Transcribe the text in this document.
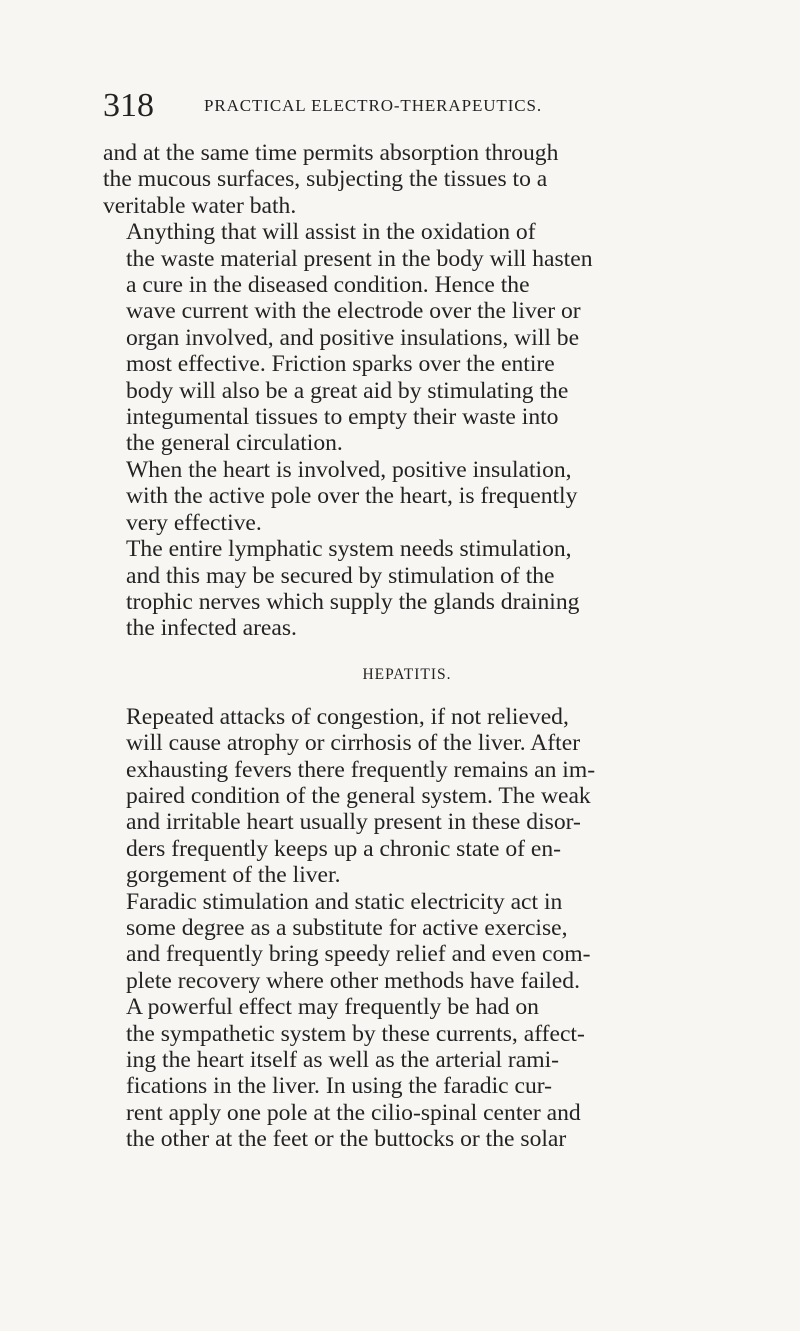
318	PRACTICAL ELECTRO-THERAPEUTICS.

and at the same time permits absorption through
the mucous surfaces, subjecting the tissues to a
veritable water bath.

Anything that will assist in the oxidation of
the waste material present in the body will hasten
a cure in the diseased condition. Hence the
wave current with the electrode over the liver or
organ involved, and positive insulations, will be
most effective. Friction sparks over the entire
body will also be a great aid by stimulating the
integumental tissues to empty their waste into
the general circulation.

When the heart is involved, positive insulation,
with the active pole over the heart, is frequently
very effective.

The entire lymphatic system needs stimulation,
and this may be secured by stimulation of the
trophic nerves which supply the glands draining
the infected areas.

HEPATITIS.

Repeated attacks of congestion, if not relieved,
will cause atrophy or cirrhosis of the liver. After
exhausting fevers there frequently remains an im-
paired condition of the general system. The weak
and irritable heart usually present in these disor-
ders frequently keeps up a chronic state of en-
gorgement of the liver.

Faradic stimulation and static electricity act in
some degree as a substitute for active exercise,
and frequently bring speedy relief and even com-
plete recovery where other methods have failed.

A powerful effect may frequently be had on
the sympathetic system by these currents, affect-
ing the heart itself as well as the arterial rami-
fications in the liver. In using the faradic cur-
rent apply one pole at the cilio-spinal center and
the other at the feet or the buttocks or the solar
